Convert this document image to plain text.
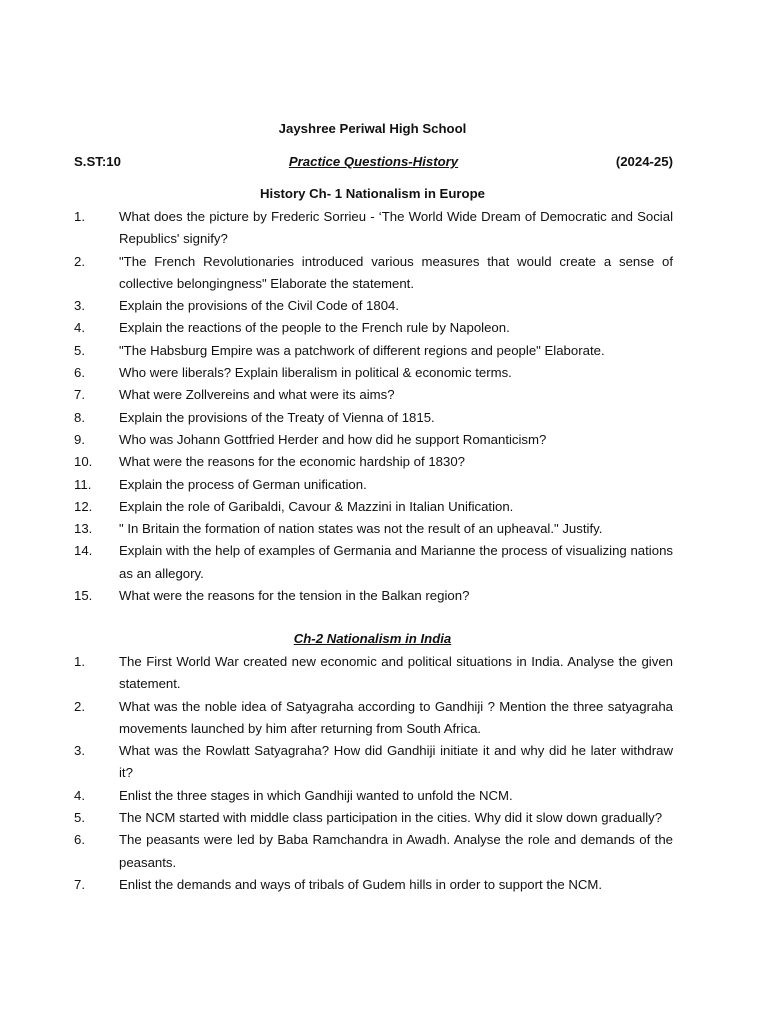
Jayshree Periwal High School
S.ST:10	Practice Questions-History	(2024-25)
History Ch- 1 Nationalism in Europe
1.	What does the picture by Frederic Sorrieu - ‘The World Wide Dream of Democratic and Social Republics' signify?
2.	"The French Revolutionaries introduced various measures that would create a sense of collective belongingness" Elaborate the statement.
3.	Explain the provisions of the Civil Code of 1804.
4.	Explain the reactions of the people to the French rule by Napoleon.
5.	"The Habsburg Empire was a patchwork of different regions and people" Elaborate.
6.	Who were liberals? Explain liberalism in political & economic terms.
7.	What were Zollvereins and what were its aims?
8.	Explain the provisions of the Treaty of Vienna of 1815.
9.	Who was Johann Gottfried Herder and how did he support Romanticism?
10. What were the reasons for the economic hardship of 1830?
11. Explain the process of German unification.
12. Explain the role of Garibaldi, Cavour & Mazzini in Italian Unification.
13. " In Britain the formation of nation states was not the result of an upheaval." Justify.
14. Explain with the help of examples of Germania and Marianne the process of visualizing nations as an allegory.
15. What were the reasons for the tension in the Balkan region?
Ch-2 Nationalism in India
1.	The First World War created new economic and political situations in India. Analyse the given statement.
2.	What was the noble idea of Satyagraha according to Gandhiji ? Mention the three satyagraha movements launched by him after returning from South Africa.
3.	What was the Rowlatt Satyagraha? How did Gandhiji initiate it and why did he later withdraw it?
4.	Enlist the three stages in which Gandhiji wanted to unfold the NCM.
5.	The NCM started with middle class participation in the cities. Why did it slow down gradually?
6.	The peasants were led by Baba Ramchandra in Awadh. Analyse the role and demands of the peasants.
7.	Enlist the demands and ways of tribals of Gudem hills in order to support the NCM.
